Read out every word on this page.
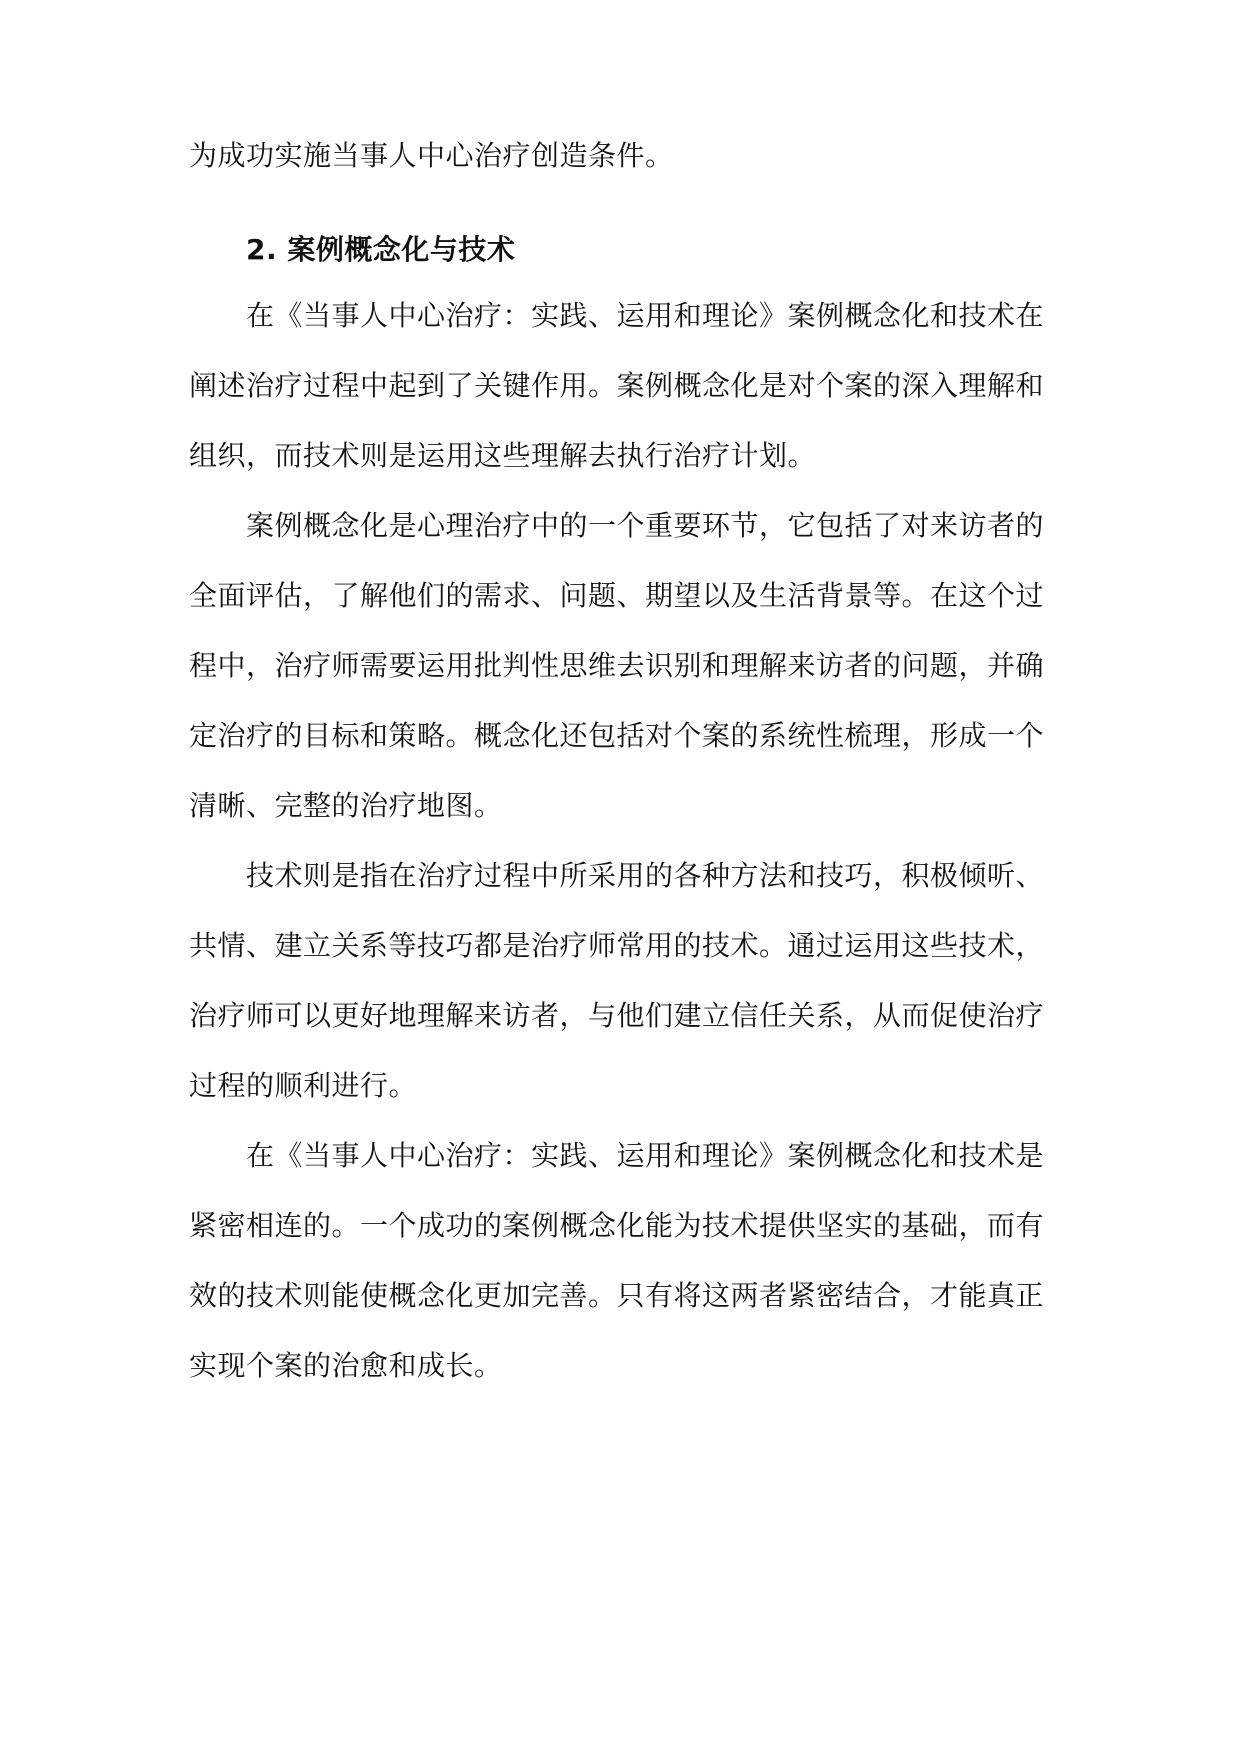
为成功实施当事人中心治疗创造条件。
2. 案例概念化与技术
在《当事人中心治疗：实践、运用和理论》案例概念化和技术在
阐述治疗过程中起到了关键作用。案例概念化是对个案的深入理解和
组织，而技术则是运用这些理解去执行治疗计划。
案例概念化是心理治疗中的一个重要环节，它包括了对来访者的
全面评估，了解他们的需求、问题、期望以及生活背景等。在这个过
程中，治疗师需要运用批判性思维去识别和理解来访者的问题，并确
定治疗的目标和策略。概念化还包括对个案的系统性梳理，形成一个
清晰、完整的治疗地图。
技术则是指在治疗过程中所采用的各种方法和技巧，积极倾听、
共情、建立关系等技巧都是治疗师常用的技术。通过运用这些技术，
治疗师可以更好地理解来访者，与他们建立信任关系，从而促使治疗
过程的顺利进行。
在《当事人中心治疗：实践、运用和理论》案例概念化和技术是
紧密相连的。一个成功的案例概念化能为技术提供坚实的基础，而有
效的技术则能使概念化更加完善。只有将这两者紧密结合，才能真正
实现个案的治愈和成长。
